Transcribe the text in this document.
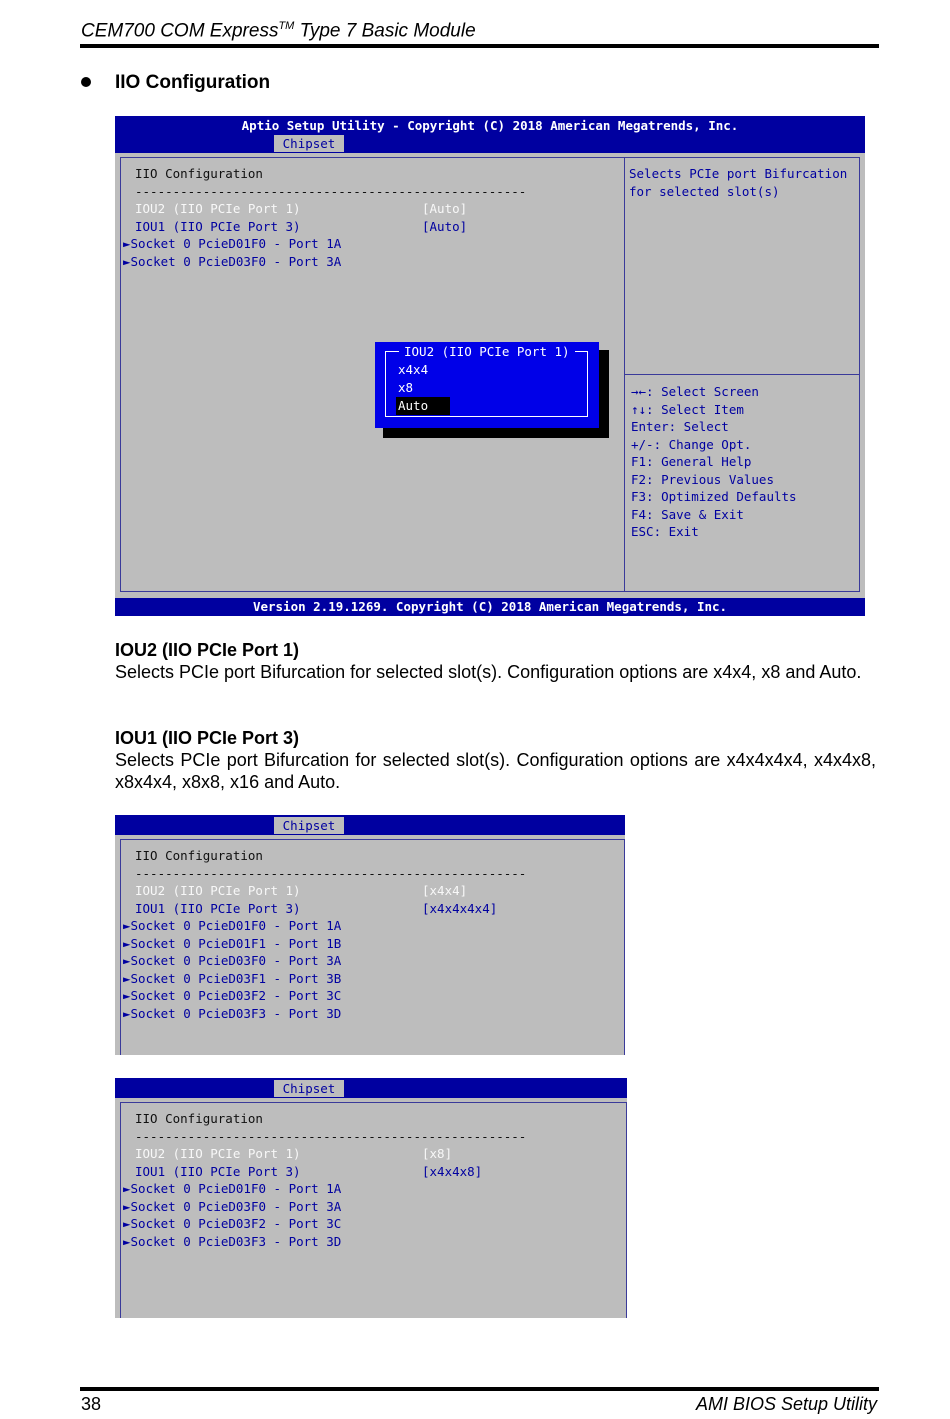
CEM700 COM Express™ Type 7 Basic Module
IIO Configuration
Aptio Setup Utility - Copyright (C) 2018 American Megatrends, Inc.
Chipset
IIO Configuration
----------------------------------------------------
IOU2 (IIO PCIe Port 1)	[Auto]
IOU1 (IIO PCIe Port 3)	[Auto]
►Socket 0 PcieD01F0 - Port 1A
►Socket 0 PcieD03F0 - Port 3A
Selects PCIe port Bifurcation
for selected slot(s)
→←: Select Screen
↑↓: Select Item
Enter: Select
+/-: Change Opt.
F1: General Help
F2: Previous Values
F3: Optimized Defaults
F4: Save & Exit
ESC: Exit
IOU2 (IIO PCIe Port 1)
x4x4
x8
Auto
Version 2.19.1269. Copyright (C) 2018 American Megatrends, Inc.
IOU2 (IIO PCIe Port 1)
Selects PCIe port Bifurcation for selected slot(s). Configuration options are x4x4, x8 and Auto.
IOU1 (IIO PCIe Port 3)
Selects PCIe port Bifurcation for selected slot(s). Configuration options are x4x4x4x4, x4x4x8, x8x4x4, x8x8, x16 and Auto.
Chipset
IIO Configuration
----------------------------------------------------
IOU2 (IIO PCIe Port 1)	[x4x4]
IOU1 (IIO PCIe Port 3)	[x4x4x4x4]
►Socket 0 PcieD01F0 - Port 1A
►Socket 0 PcieD01F1 - Port 1B
►Socket 0 PcieD03F0 - Port 3A
►Socket 0 PcieD03F1 - Port 3B
►Socket 0 PcieD03F2 - Port 3C
►Socket 0 PcieD03F3 - Port 3D
Chipset
IIO Configuration
----------------------------------------------------
IOU2 (IIO PCIe Port 1)	[x8]
IOU1 (IIO PCIe Port 3)	[x4x4x8]
►Socket 0 PcieD01F0 - Port 1A
►Socket 0 PcieD03F0 - Port 3A
►Socket 0 PcieD03F2 - Port 3C
►Socket 0 PcieD03F3 - Port 3D
38	AMI BIOS Setup Utility
